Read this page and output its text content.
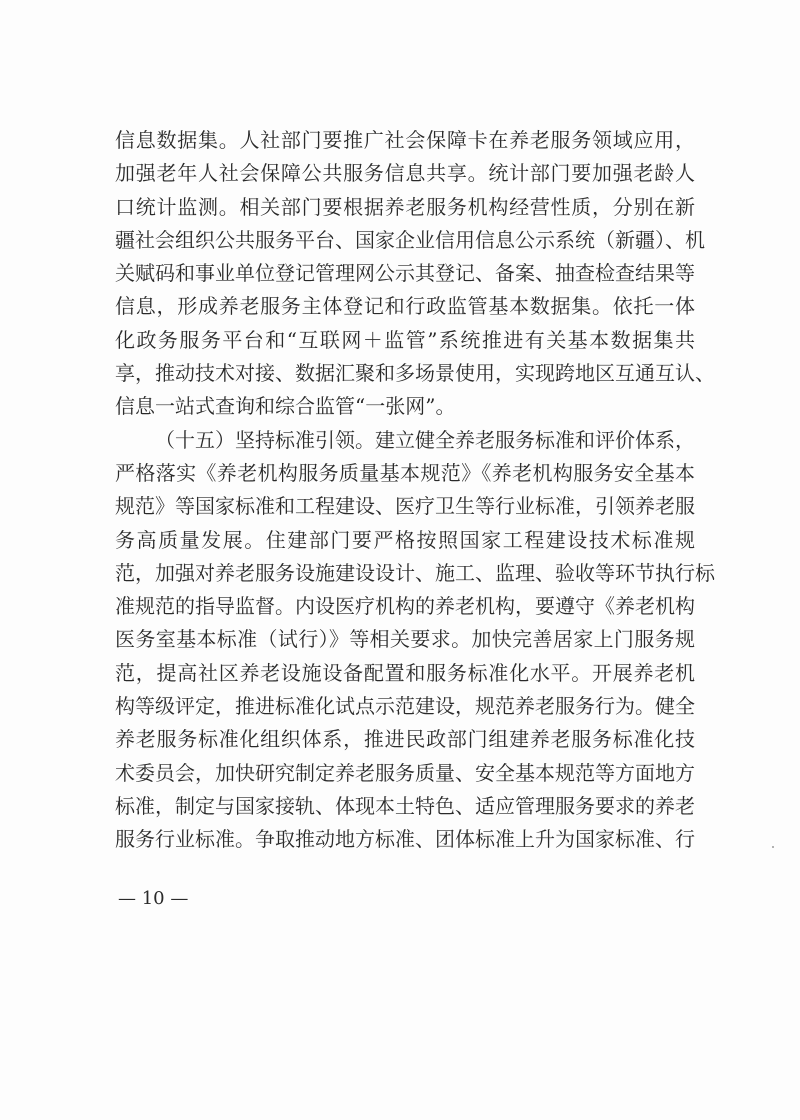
信息数据集。人社部门要推广社会保障卡在养老服务领域应用，
加强老年人社会保障公共服务信息共享。统计部门要加强老龄人
口统计监测。相关部门要根据养老服务机构经营性质，分别在新
疆社会组织公共服务平台、国家企业信用信息公示系统（新疆）、机
关赋码和事业单位登记管理网公示其登记、备案、抽查检查结果等
信息，形成养老服务主体登记和行政监管基本数据集。依托一体
化政务服务平台和“互联网＋监管”系统推进有关基本数据集共
享，推动技术对接、数据汇聚和多场景使用，实现跨地区互通互认、
信息一站式查询和综合监管“一张网”。
（十五）坚持标准引领。建立健全养老服务标准和评价体系，
严格落实《养老机构服务质量基本规范》《养老机构服务安全基本
规范》等国家标准和工程建设、医疗卫生等行业标准，引领养老服
务高质量发展。住建部门要严格按照国家工程建设技术标准规
范，加强对养老服务设施建设设计、施工、监理、验收等环节执行标
准规范的指导监督。内设医疗机构的养老机构，要遵守《养老机构
医务室基本标准（试行）》等相关要求。加快完善居家上门服务规
范，提高社区养老设施设备配置和服务标准化水平。开展养老机
构等级评定，推进标准化试点示范建设，规范养老服务行为。健全
养老服务标准化组织体系，推进民政部门组建养老服务标准化技
术委员会，加快研究制定养老服务质量、安全基本规范等方面地方
标准，制定与国家接轨、体现本土特色、适应管理服务要求的养老
服务行业标准。争取推动地方标准、团体标准上升为国家标准、行
— 10 —
